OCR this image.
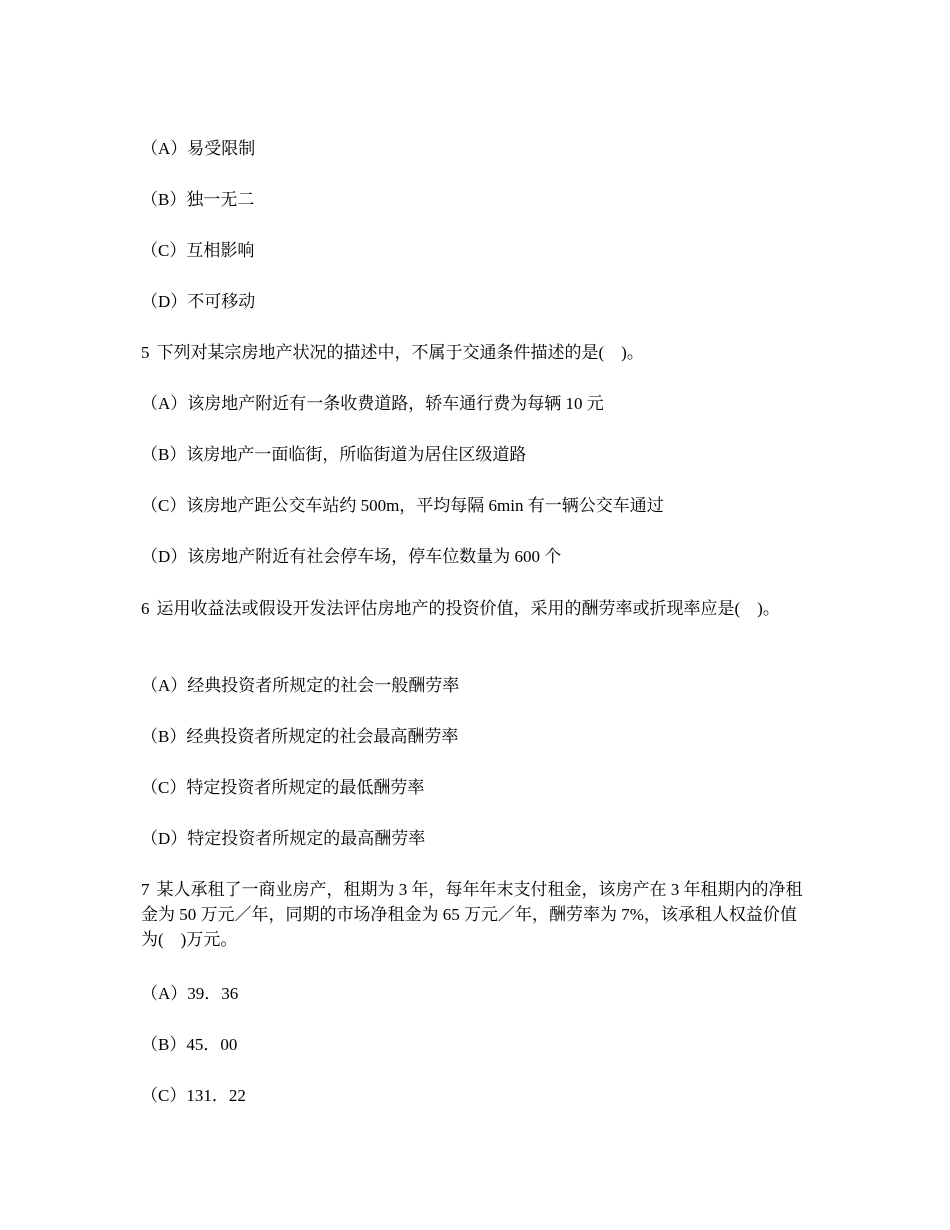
（A）易受限制
（B）独一无二
（C）互相影响
（D）不可移动
5 下列对某宗房地产状况的描述中，不属于交通条件描述的是(　)。
（A）该房地产附近有一条收费道路，轿车通行费为每辆 10 元
（B）该房地产一面临街，所临街道为居住区级道路
（C）该房地产距公交车站约 500m，平均每隔 6min 有一辆公交车通过
（D）该房地产附近有社会停车场，停车位数量为 600 个
6 运用收益法或假设开发法评估房地产的投资价值，采用的酬劳率或折现率应是(　)。
（A）经典投资者所规定的社会一般酬劳率
（B）经典投资者所规定的社会最高酬劳率
（C）特定投资者所规定的最低酬劳率
（D）特定投资者所规定的最高酬劳率
7 某人承租了一商业房产，租期为 3 年，每年年末支付租金，该房产在 3 年租期内的净租金为 50 万元／年，同期的市场净租金为 65 万元／年，酬劳率为 7%，该承租人权益价值为(　)万元。
（A）39．36
（B）45．00
（C）131．22
